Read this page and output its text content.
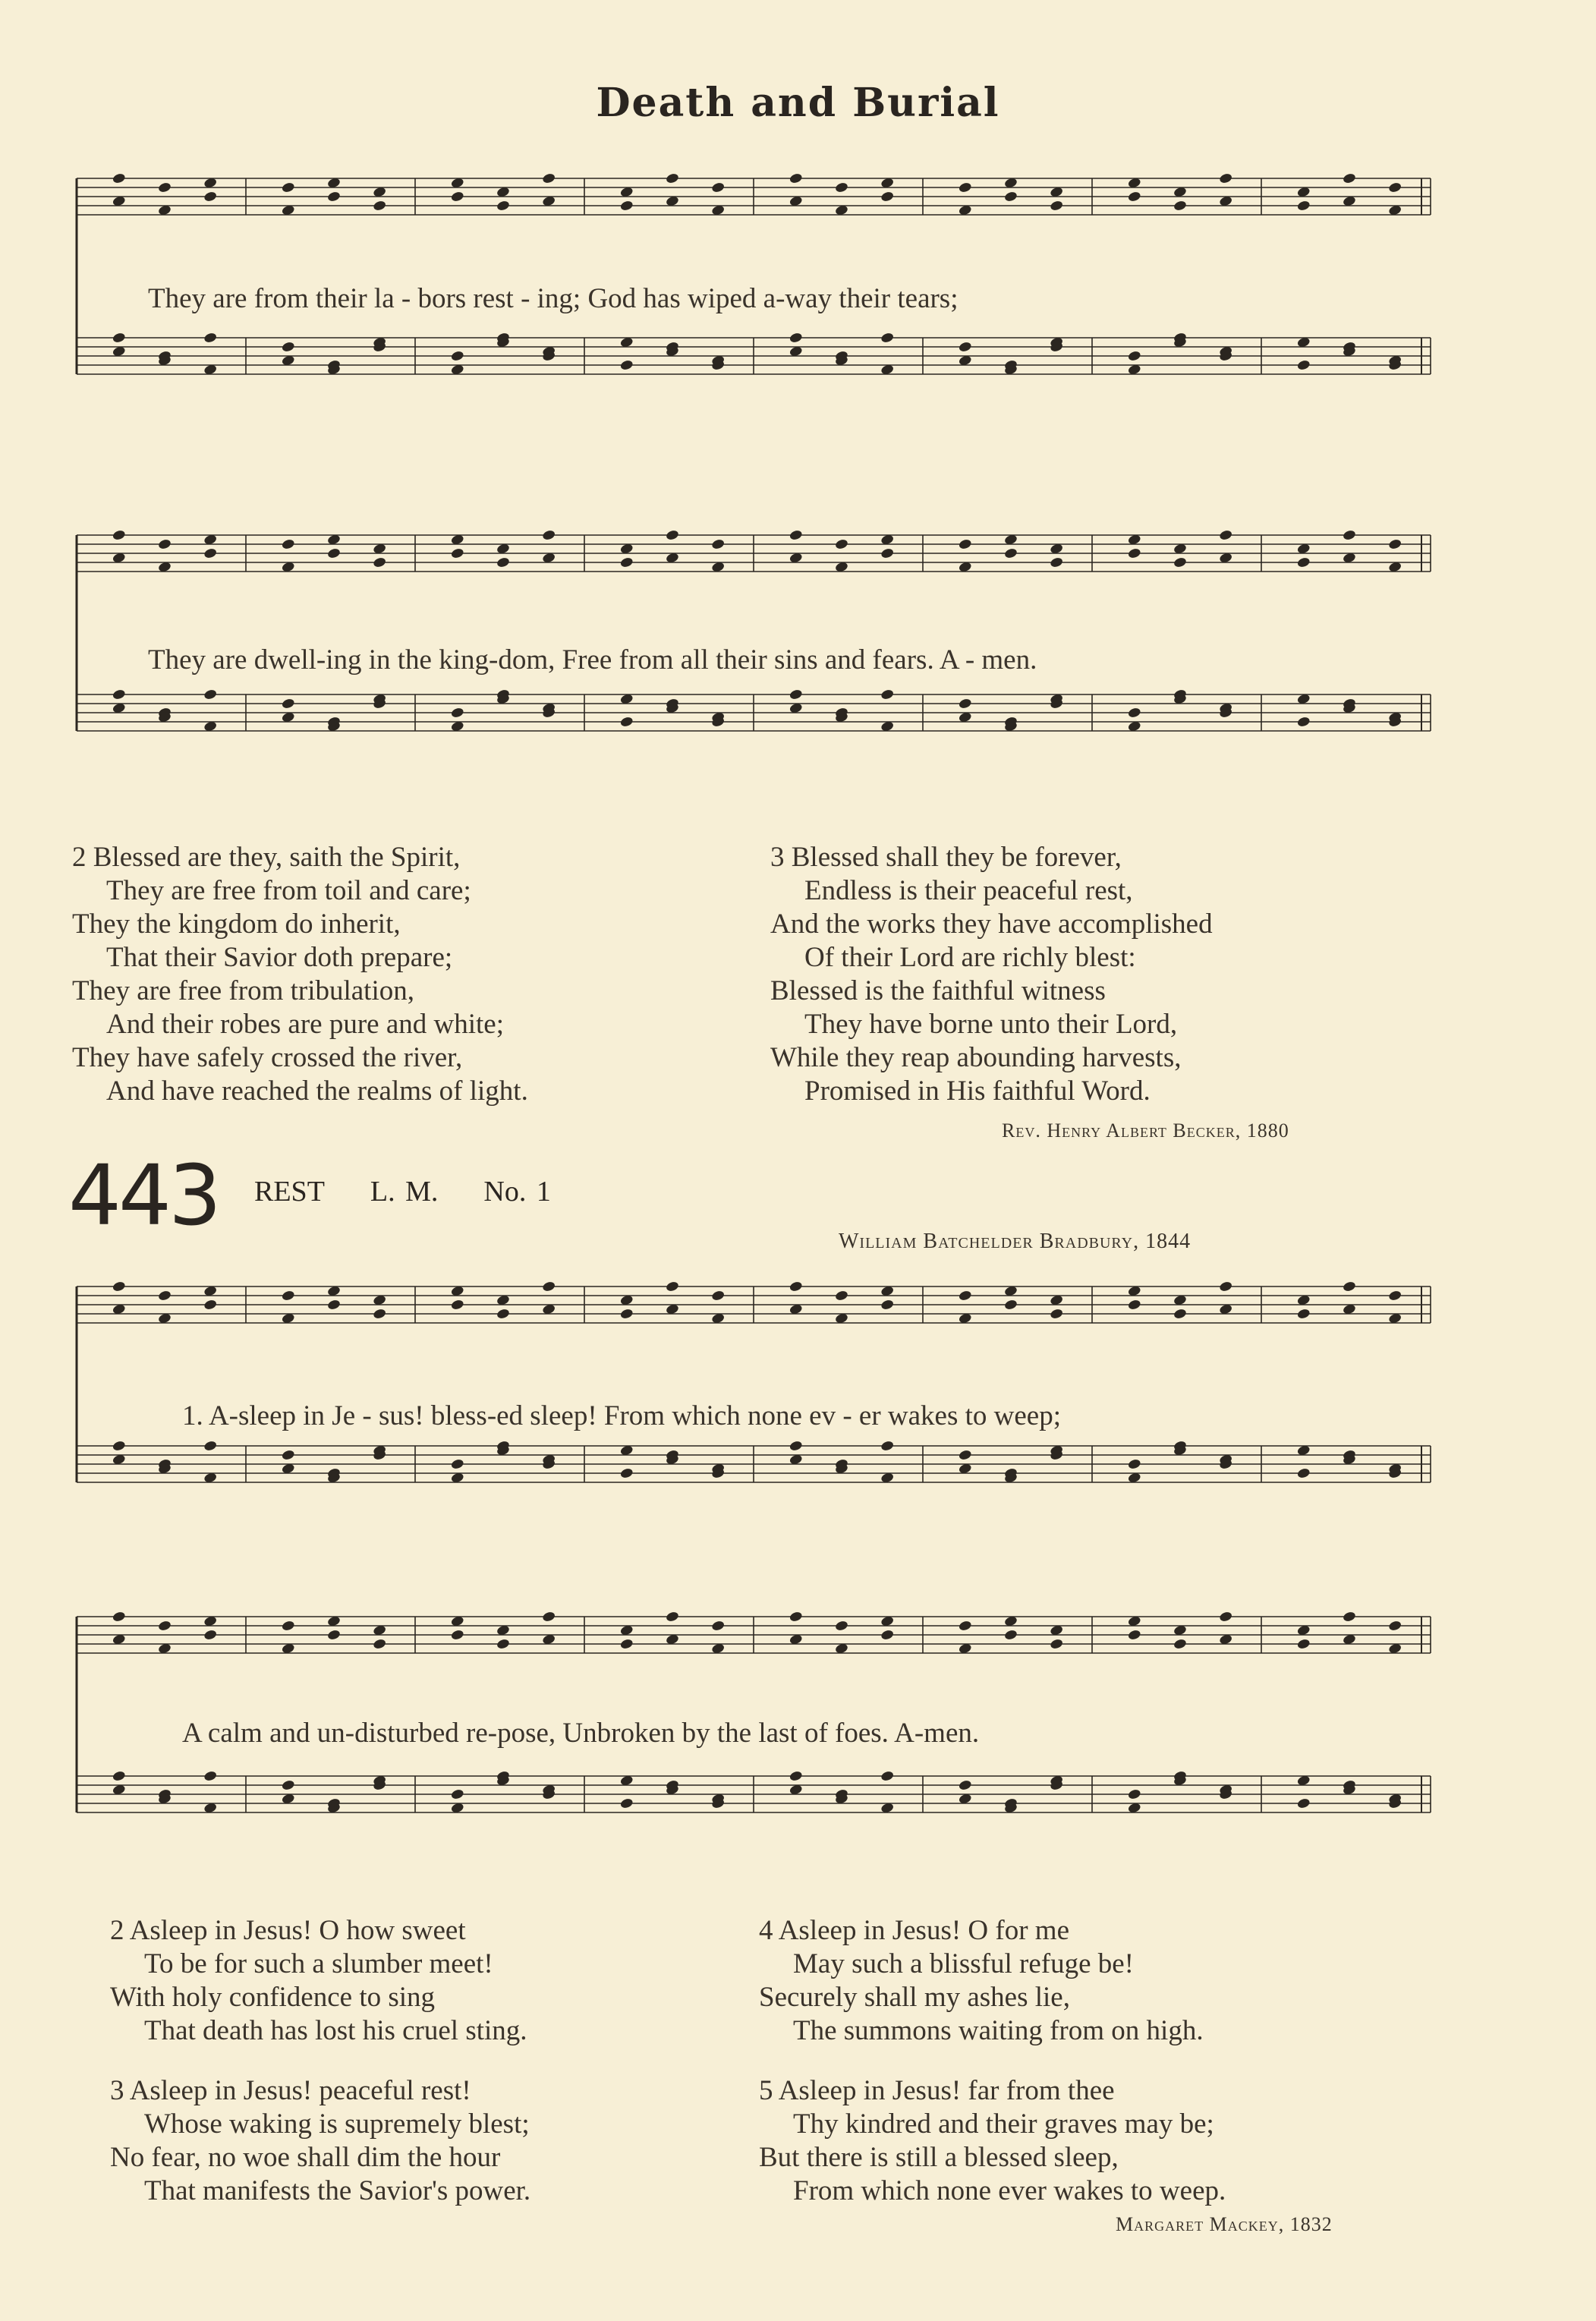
Death and Burial
They are from their la - bors rest - ing; God has wiped a-way their tears;
They are dwell-ing in the king-dom, Free from all their sins and fears. A - men.
2 Blessed are they, saith the Spirit,
They are free from toil and care;
They the kingdom do inherit,
That their Savior doth prepare;
They are free from tribulation,
And their robes are pure and white;
They have safely crossed the river,
And have reached the realms of light.
3 Blessed shall they be forever,
Endless is their peaceful rest,
And the works they have accomplished
Of their Lord are richly blest:
Blessed is the faithful witness
They have borne unto their Lord,
While they reap abounding harvests,
Promised in His faithful Word.
Rev. Henry Albert Becker, 1880
443 REST L. M. No. 1
William Batchelder Bradbury, 1844
1. A-sleep in Je - sus! bless-ed sleep! From which none ev - er wakes to weep;
A calm and un-disturbed re-pose, Unbroken by the last of foes. A-men.
2 Asleep in Jesus! O how sweet
To be for such a slumber meet!
With holy confidence to sing
That death has lost his cruel sting.
4 Asleep in Jesus! O for me
May such a blissful refuge be!
Securely shall my ashes lie,
The summons waiting from on high.
3 Asleep in Jesus! peaceful rest!
Whose waking is supremely blest;
No fear, no woe shall dim the hour
That manifests the Savior's power.
5 Asleep in Jesus! far from thee
Thy kindred and their graves may be;
But there is still a blessed sleep,
From which none ever wakes to weep.
Margaret Mackey, 1832
